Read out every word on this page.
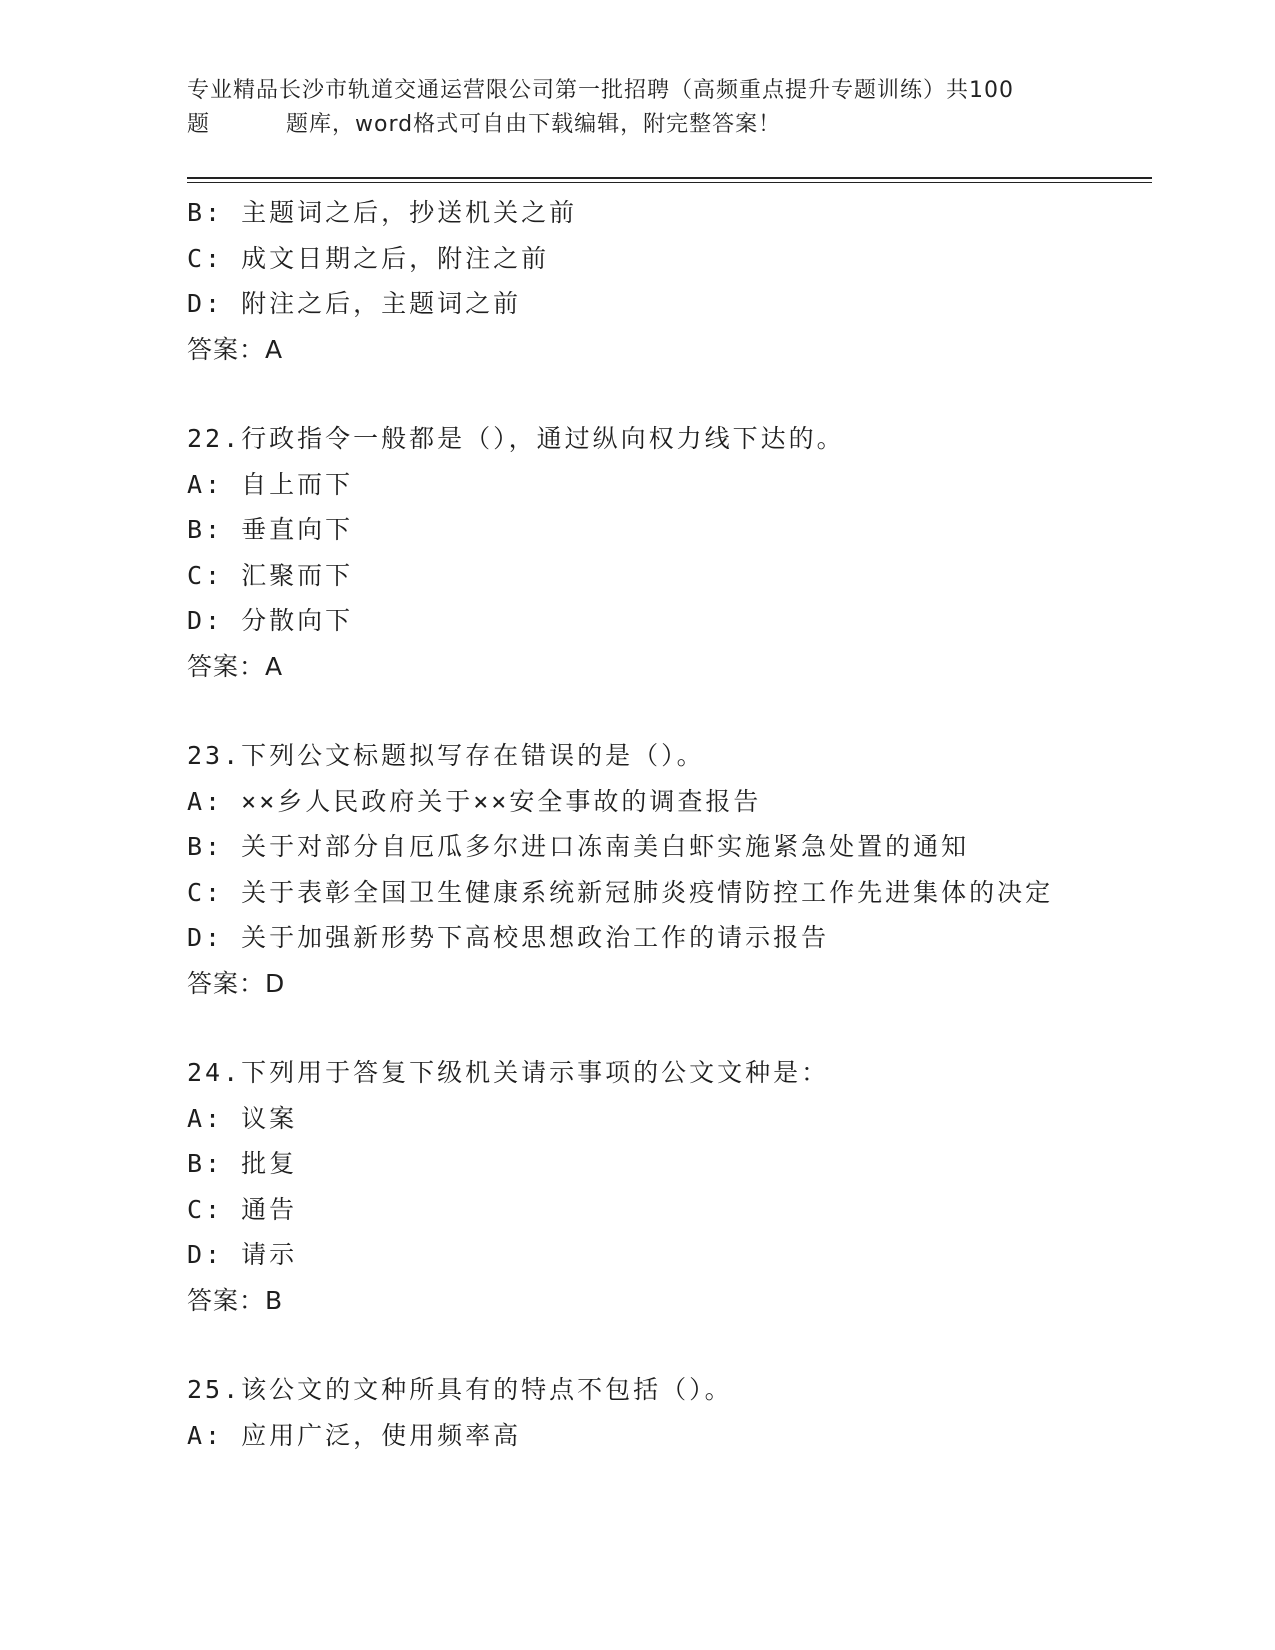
专业精品长沙市轨道交通运营限公司第一批招聘（高频重点提升专题训练）共100
题	题库，word格式可自由下载编辑，附完整答案！
B: 主题词之后，抄送机关之前
C: 成文日期之后，附注之前
D: 附注之后，主题词之前
答案：A
22.行政指令一般都是（），通过纵向权力线下达的。
A: 自上而下
B: 垂直向下
C: 汇聚而下
D: 分散向下
答案：A
23.下列公文标题拟写存在错误的是（）。
A: ××乡人民政府关于××安全事故的调查报告
B: 关于对部分自厄瓜多尔进口冻南美白虾实施紧急处置的通知
C: 关于表彰全国卫生健康系统新冠肺炎疫情防控工作先进集体的决定
D: 关于加强新形势下高校思想政治工作的请示报告
答案：D
24.下列用于答复下级机关请示事项的公文文种是：
A: 议案
B: 批复
C: 通告
D: 请示
答案：B
25.该公文的文种所具有的特点不包括（）。
A: 应用广泛，使用频率高
